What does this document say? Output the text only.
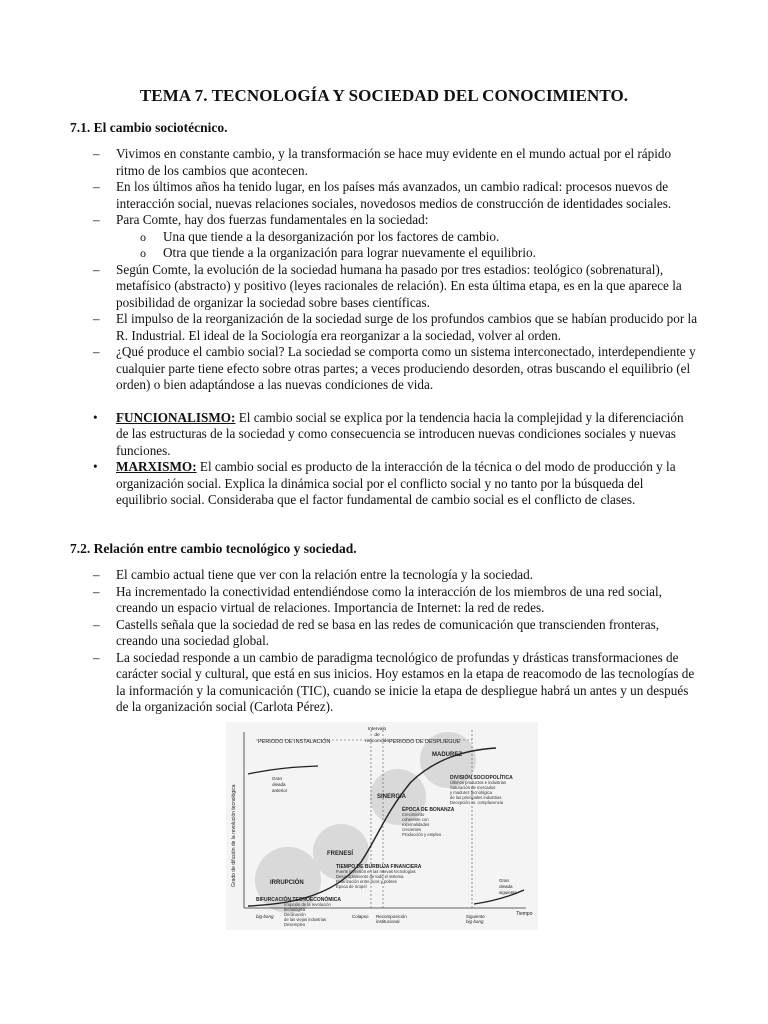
TEMA 7. TECNOLOGÍA Y SOCIEDAD DEL CONOCIMIENTO.
7.1. El cambio sociotécnico.
– Vivimos en constante cambio, y la transformación se hace muy evidente en el mundo actual por el rápido ritmo de los cambios que acontecen.
– En los últimos años ha tenido lugar, en los países más avanzados, un cambio radical: procesos nuevos de interacción social, nuevas relaciones sociales, novedosos medios de construcción de identidades sociales.
– Para Comte, hay dos fuerzas fundamentales en la sociedad:
o Una que tiende a la desorganización por los factores de cambio.
o Otra que tiende a la organización para lograr nuevamente el equilibrio.
– Según Comte, la evolución de la sociedad humana ha pasado por tres estadios: teológico (sobrenatural), metafísico (abstracto) y positivo (leyes racionales de relación). En esta última etapa, es en la que aparece la posibilidad de organizar la sociedad sobre bases científicas.
– El impulso de la reorganización de la sociedad surge de los profundos cambios que se habían producido por la R. Industrial. El ideal de la Sociología era reorganizar a la sociedad, volver al orden.
– ¿Qué produce el cambio social? La sociedad se comporta como un sistema interconectado, interdependiente y cualquier parte tiene efecto sobre otras partes; a veces produciendo desorden, otras buscando el equilibrio (el orden) o bien adaptándose a las nuevas condiciones de vida.
• FUNCIONALISMO: El cambio social se explica por la tendencia hacia la complejidad y la diferenciación de las estructuras de la sociedad y como consecuencia se introducen nuevas condiciones sociales y nuevas funciones.
• MARXISMO: El cambio social es producto de la interacción de la técnica o del modo de producción y la organización social. Explica la dinámica social por el conflicto social y no tanto por la búsqueda del equilibrio social. Consideraba que el factor fundamental de cambio social es el conflicto de clases.
7.2. Relación entre cambio tecnológico y sociedad.
– El cambio actual tiene que ver con la relación entre la tecnología y la sociedad.
– Ha incrementado la conectividad entendiéndose como la interacción de los miembros de una red social, creando un espacio virtual de relaciones. Importancia de Internet: la red de redes.
– Castells señala que la sociedad de red se basa en las redes de comunicación que transcienden fronteras, creando una sociedad global.
– La sociedad responde a un cambio de paradigma tecnológico de profundas y drásticas transformaciones de carácter social y cultural, que está en sus inicios. Hoy estamos en la etapa de reacomodo de las tecnologías de la información y la comunicación (TIC), cuando se inicie la etapa de despliegue habrá un antes y un después de la organización social (Carlota Pérez).
PERIODO DE INSTALACIÓN
Intervalo
de
reacomodo PERIODO DE DESPLIEGUE
Grado de difusión de la revolución tecnológica
Tiempo
Gran
oleada
anterior
MADUREZ
DIVISIÓN SOCIOPOLÍTICA
Últimos productos e industrias
Saturación de mercados
y madurez tecnológica
de las principales industrias
Decepción vs. complacencia
SINERGIA
ÉPOCA DE BONANZA
Crecimiento
coherente con
externalidades
crecientes
Producción y empleo
FRENESÍ
TIEMPO DE BURBUJA FINANCIERA
Fuerte inversión en las nuevas tecnologías
Desacoplamiento de todo el sistema
Polarización entre ricos y pobres
Época de oropel
IRRUPCIÓN
BIFURCACIÓN TECNOECONÓMICA
Irrupción de la revolución
tecnológica
Declinación
de las viejas industrias
Desempleo
big-bang	Colapso Recomposición
institucional
Siguiente
big-bang
Gran
oleada
siguiente
